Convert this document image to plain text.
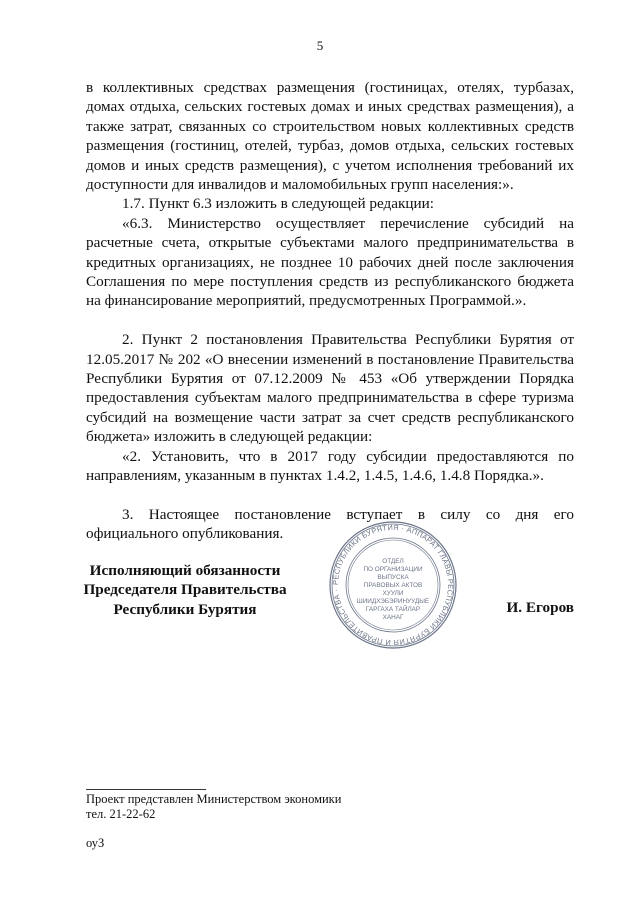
5

в коллективных средствах размещения (гостиницах, отелях, турбазах, домах отдыха, сельских гостевых домах и иных средствах размещения), а также затрат, связанных со строительством новых коллективных средств размещения (гостиниц, отелей, турбаз, домов отдыха, сельских гостевых домов и иных средств размещения), с учетом исполнения требований их доступности для инвалидов и маломобильных групп населения:».

1.7. Пункт 6.3 изложить в следующей редакции:

«6.3. Министерство осуществляет перечисление субсидий на расчетные счета, открытые субъектами малого предпринимательства в кредитных организациях, не позднее 10 рабочих дней после заключения Соглашения по мере поступления средств из республиканского бюджета на финансирование мероприятий, предусмотренных Программой.».

2. Пункт 2 постановления Правительства Республики Бурятия от 12.05.2017 № 202 «О внесении изменений в постановление Правительства Республики Бурятия от 07.12.2009 № 453 «Об утверждении Порядка предоставления субъектам малого предпринимательства в сфере туризма субсидий на возмещение части затрат за счет средств республиканского бюджета» изложить в следующей редакции:

«2. Установить, что в 2017 году субсидии предоставляются по направлениям, указанным в пунктах 1.4.2, 1.4.5, 1.4.6, 1.4.8 Порядка.».

3. Настоящее постановление вступает в силу со дня его официального опубликования.

Исполняющий обязанности
Председателя Правительства
Республики Бурятия
РЕСПУБЛИКИ БУРЯТИЯ · АППАРАТ ГЛАВЫ РЕСПУБЛИКИ БУРЯТИЯ И ПРАВИТЕЛЬСТВА ·
ОТДЕЛ
ПО ОРГАНИЗАЦИИ
ВЫПУСКА
ПРАВОВЫХ АКТОВ
ХУУЛИ
ШИИДХЭБЭРИНУУДЫЕ
ГАРГАХА ТАЙЛАР
ХАНАГ
И. Егоров
Проект представлен Министерством экономики
тел. 21-22-62
оуЗ
